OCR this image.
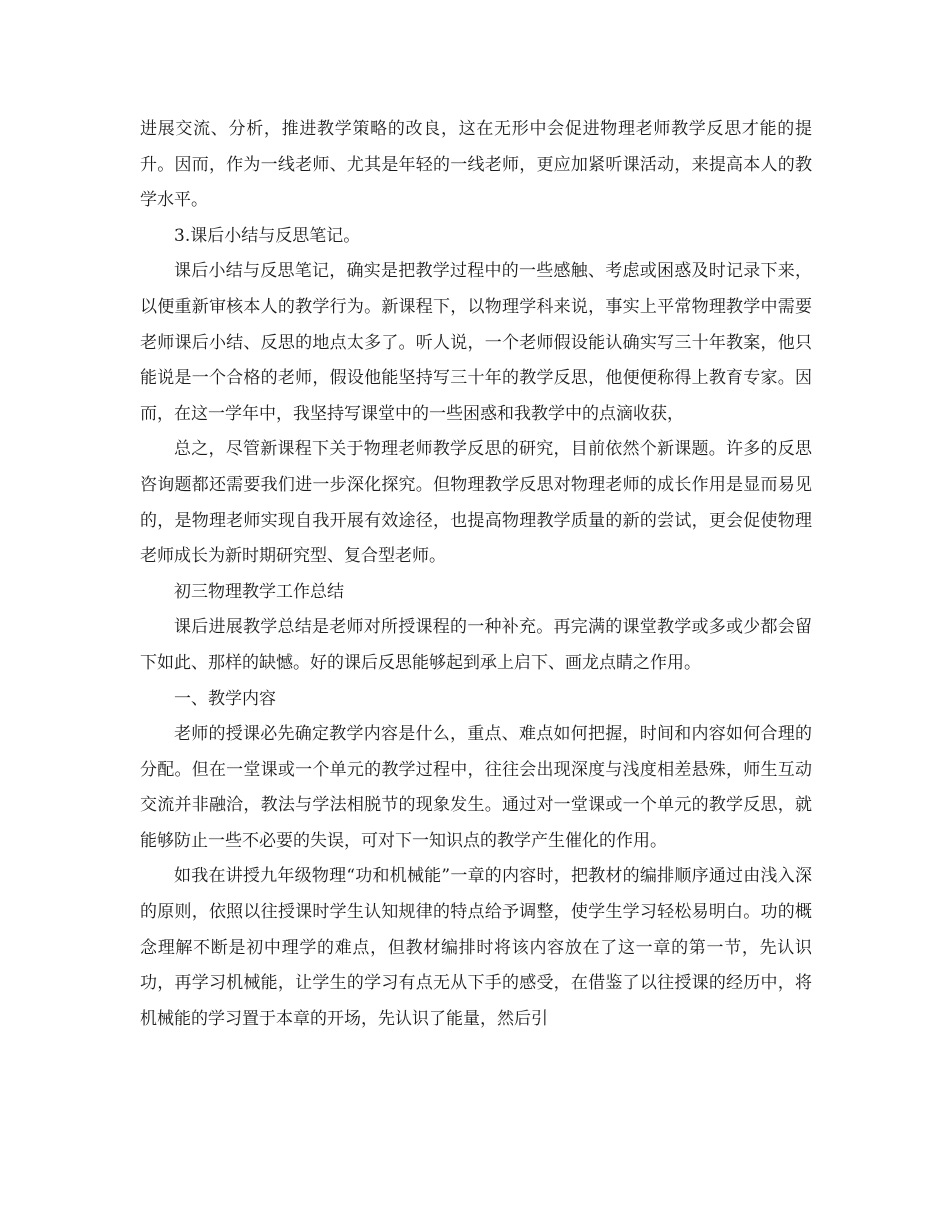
进展交流、分析，推进教学策略的改良，这在无形中会促进物理老师教学反思才能的提升。因而，作为一线老师、尤其是年轻的一线老师，更应加紧听课活动，来提高本人的教学水平。

3.课后小结与反思笔记。

课后小结与反思笔记，确实是把教学过程中的一些感触、考虑或困惑及时记录下来，以便重新审核本人的教学行为。新课程下，以物理学科来说，事实上平常物理教学中需要老师课后小结、反思的地点太多了。听人说，一个老师假设能认确实写三十年教案，他只能说是一个合格的老师，假设他能坚持写三十年的教学反思，他便便称得上教育专家。因而，在这一学年中，我坚持写课堂中的一些困惑和我教学中的点滴收获，

总之，尽管新课程下关于物理老师教学反思的研究，目前依然个新课题。许多的反思咨询题都还需要我们进一步深化探究。但物理教学反思对物理老师的成长作用是显而易见的，是物理老师实现自我开展有效途径，也提高物理教学质量的新的尝试，更会促使物理老师成长为新时期研究型、复合型老师。

初三物理教学工作总结

课后进展教学总结是老师对所授课程的一种补充。再完满的课堂教学或多或少都会留下如此、那样的缺憾。好的课后反思能够起到承上启下、画龙点睛之作用。

一、教学内容

老师的授课必先确定教学内容是什么，重点、难点如何把握，时间和内容如何合理的分配。但在一堂课或一个单元的教学过程中，往往会出现深度与浅度相差悬殊，师生互动交流并非融洽，教法与学法相脱节的现象发生。通过对一堂课或一个单元的教学反思，就能够防止一些不必要的失误，可对下一知识点的教学产生催化的作用。

如我在讲授九年级物理“功和机械能”一章的内容时，把教材的编排顺序通过由浅入深的原则，依照以往授课时学生认知规律的特点给予调整，使学生学习轻松易明白。功的概念理解不断是初中理学的难点，但教材编排时将该内容放在了这一章的第一节，先认识功，再学习机械能，让学生的学习有点无从下手的感受，在借鉴了以往授课的经历中，将机械能的学习置于本章的开场，先认识了能量，然后引
